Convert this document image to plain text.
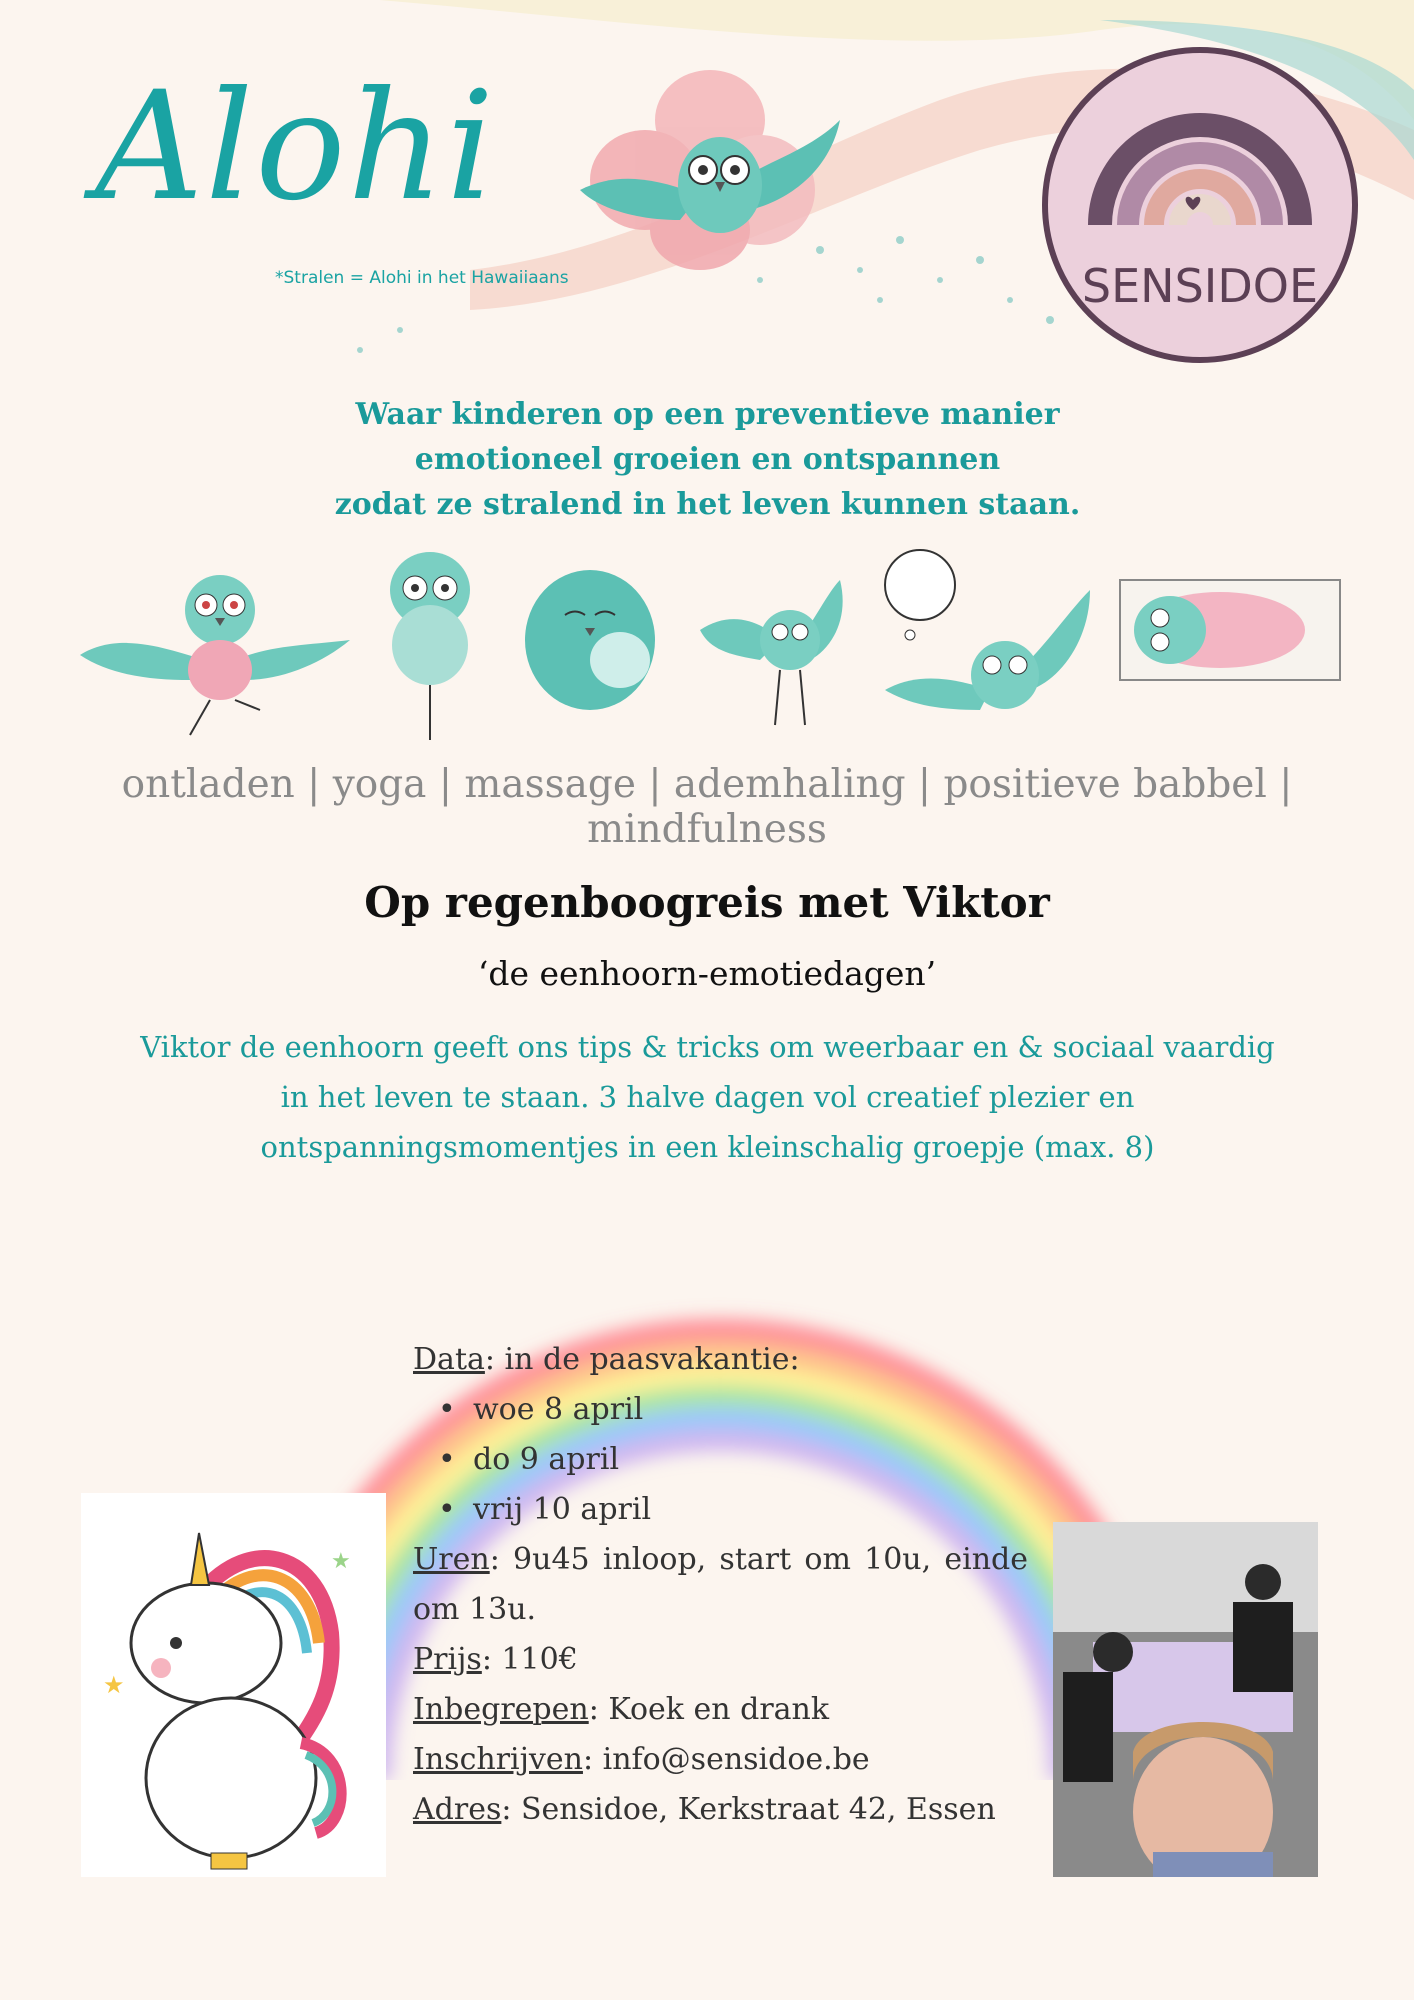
Alohi
*Stralen = Alohi in het Hawaiiaans	SENSIDOE
Waar kinderen op een preventieve manier
emotioneel groeien en ontspannen
zodat ze stralend in het leven kunnen staan.
ontladen | yoga | massage | ademhaling | positieve babbel | mindfulness
Op regenboogreis met Viktor
‘de eenhoorn-emotiedagen’
Viktor de eenhoorn geeft ons tips & tricks om weerbaar en & sociaal vaardig
in het leven te staan. 3 halve dagen vol creatief plezier en
ontspanningsmomentjes in een kleinschalig groepje (max. 8)
Data: in de paasvakantie:
• woe 8 april
• do 9 april
• vrij 10 april
Uren: 9u45 inloop, start om 10u, einde om 13u.
Prijs: 110€
Inbegrepen: Koek en drank
Inschrijven: info@sensidoe.be
Adres: Sensidoe, Kerkstraat 42, Essen
★
★
